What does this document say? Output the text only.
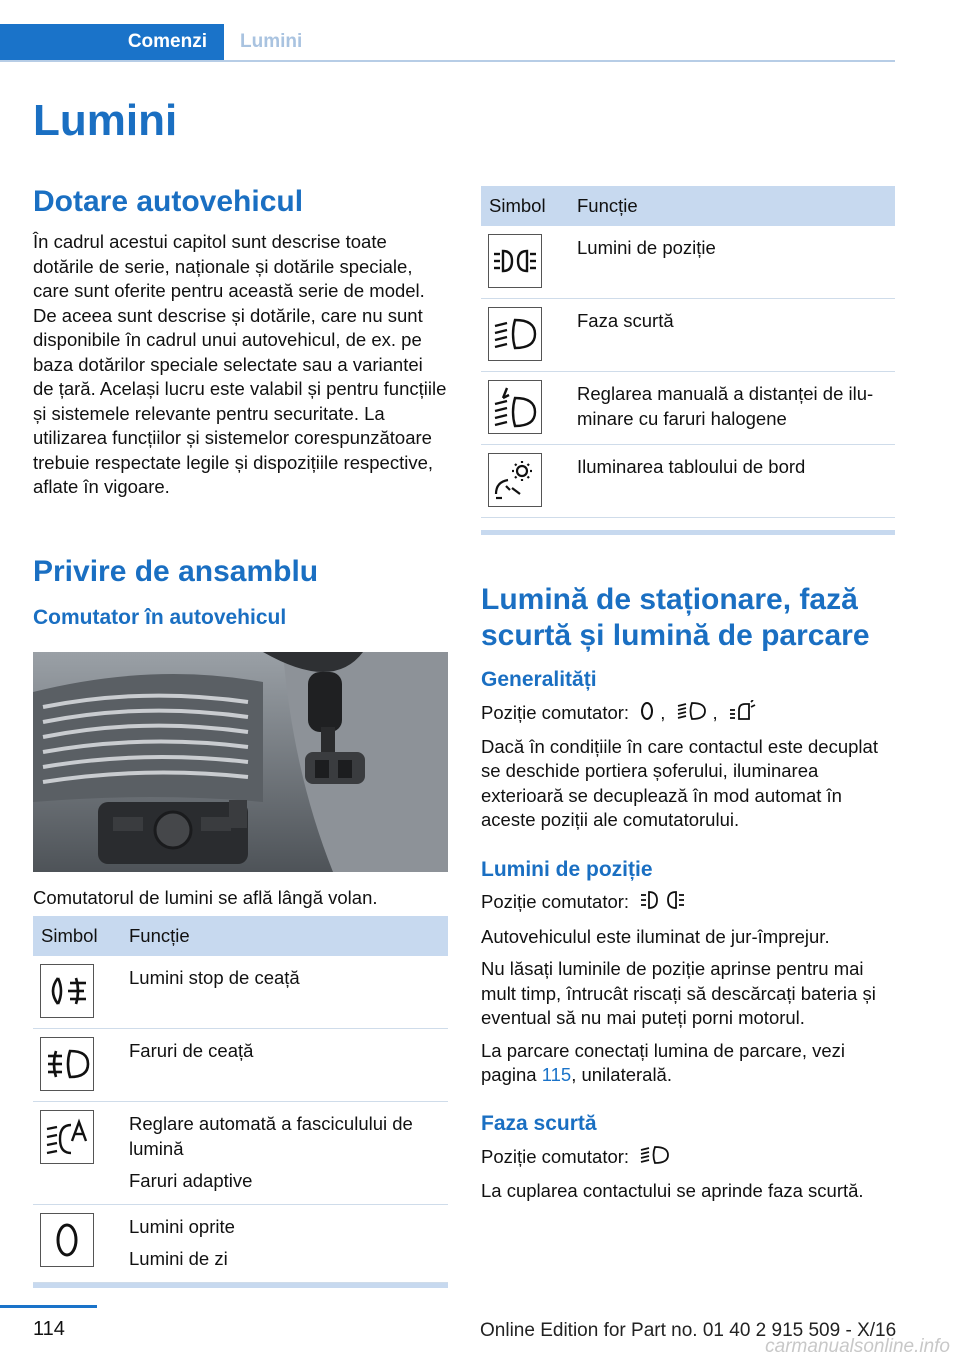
Comenzi	Lumini
Lumini
Dotare autovehicul

În cadrul acestui capitol sunt descrise toate dotările de serie, naționale și dotările speciale, care sunt oferite pentru această serie de model. De aceea sunt descrise și dotările, care nu sunt disponibile în cadrul unui autovehicul, de ex. pe baza dotărilor speciale selectate sau a variantei de țară. Același lucru este valabil și pentru funcțiile și sistemele relevante pentru securitate. La utilizarea funcțiilor și sistemelor corespunzătoare trebuie respectate legile și dispozițiile respective, aflate în vigoare.

Privire de ansamblu
Comutator în autovehicul

Comutatorul de lumini se află lângă volan.

Simbol	Funcție

Lumini stop de ceață

Faruri de ceață

Reglare automată a fasciculului de lumină
Faruri adaptive

Lumini oprite
Lumini de zi
Simbol	Funcție

Lumini de poziție

Faza scurtă

Reglarea manuală a distanței de iluminare cu faruri halogene

Iluminarea tabloului de bord
Lumină de staționare, fază scurtă și lumină de parcare
Generalități

Poziție comutator: ,	,

Dacă în condițiile în care contactul este decuplat se deschide portiera șoferului, iluminarea exterioară se decuplează în mod automat în aceste poziții ale comutatorului.

Lumini de poziție

Poziție comutator:

Autovehiculul este iluminat de jur-împrejur.

Nu lăsați luminile de poziție aprinse pentru mai mult timp, întrucât riscați să descărcați bateria și eventual să nu mai puteți porni motorul.

La parcare conectați lumina de parcare, vezi pagina 115, unilaterală.

Faza scurtă

Poziție comutator:

La cuplarea contactului se aprinde faza scurtă.

114	Online Edition for Part no. 01 40 2 915 509 - X/16
carmanualsonline.info
